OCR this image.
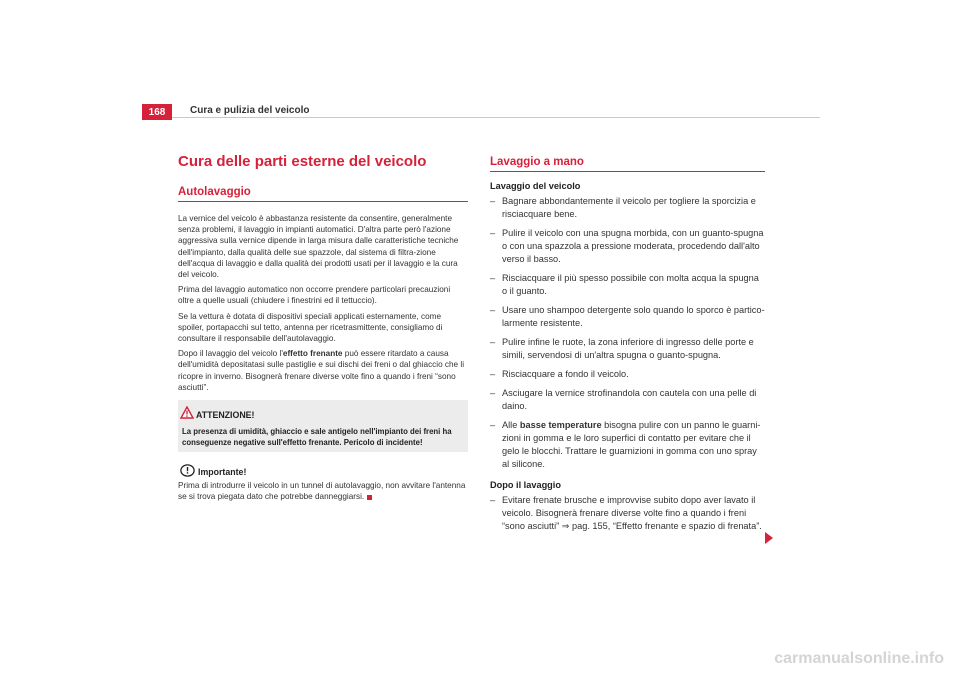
168	Cura e pulizia del veicolo
Cura delle parti esterne del veicolo
Autolavaggio

La vernice del veicolo è abbastanza resistente da consentire, generalmente senza problemi, il lavaggio in impianti automatici. D'altra parte però l'azione aggressiva sulla vernice dipende in larga misura dalle caratteristiche tecniche dell'impianto, dalla qualità delle sue spazzole, dal sistema di filtra-zione dell'acqua di lavaggio e dalla qualità dei prodotti usati per il lavaggio e la cura del veicolo.

Prima del lavaggio automatico non occorre prendere particolari precauzioni oltre a quelle usuali (chiudere i finestrini ed il tettuccio).

Se la vettura è dotata di dispositivi speciali applicati esternamente, come spoiler, portapacchi sul tetto, antenna per ricetrasmittente, consigliamo di consultare il responsabile dell'autolavaggio.

Dopo il lavaggio del veicolo l'effetto frenante può essere ritardato a causa dell'umidità depositatasi sulle pastiglie e sui dischi dei freni o dal ghiaccio che li ricopre in inverno. Bisognerà frenare diverse volte fino a quando i freni “sono asciutti”.

ATTENZIONE!
La presenza di umidità, ghiaccio e sale antigelo nell'impianto dei freni ha conseguenze negative sull'effetto frenante. Pericolo di incidente!
Importante!
Prima di introdurre il veicolo in un tunnel di autolavaggio, non avvitare l'antenna se si trova piegata dato che potrebbe danneggiarsi.
Lavaggio a mano
Lavaggio del veicolo
– Bagnare abbondantemente il veicolo per togliere la sporcizia e risciacquare bene.
– Pulire il veicolo con una spugna morbida, con un guanto-spugna o con una spazzola a pressione moderata, procedendo dall'alto verso il basso.
– Risciacquare il più spesso possibile con molta acqua la spugna o il guanto.
– Usare uno shampoo detergente solo quando lo sporco è partico-larmente resistente.
– Pulire infine le ruote, la zona inferiore di ingresso delle porte e simili, servendosi di un'altra spugna o guanto-spugna.
– Risciacquare a fondo il veicolo.
– Asciugare la vernice strofinandola con cautela con una pelle di daino.
– Alle basse temperature bisogna pulire con un panno le guarni-zioni in gomma e le loro superfici di contatto per evitare che il gelo le blocchi. Trattare le guarnizioni in gomma con uno spray al silicone.
Dopo il lavaggio
– Evitare frenate brusche e improvvise subito dopo aver lavato il veicolo. Bisognerà frenare diverse volte fino a quando i freni “sono asciutti” ⇒ pag. 155, “Effetto frenante e spazio di frenata”.
carmanualsonline.info
